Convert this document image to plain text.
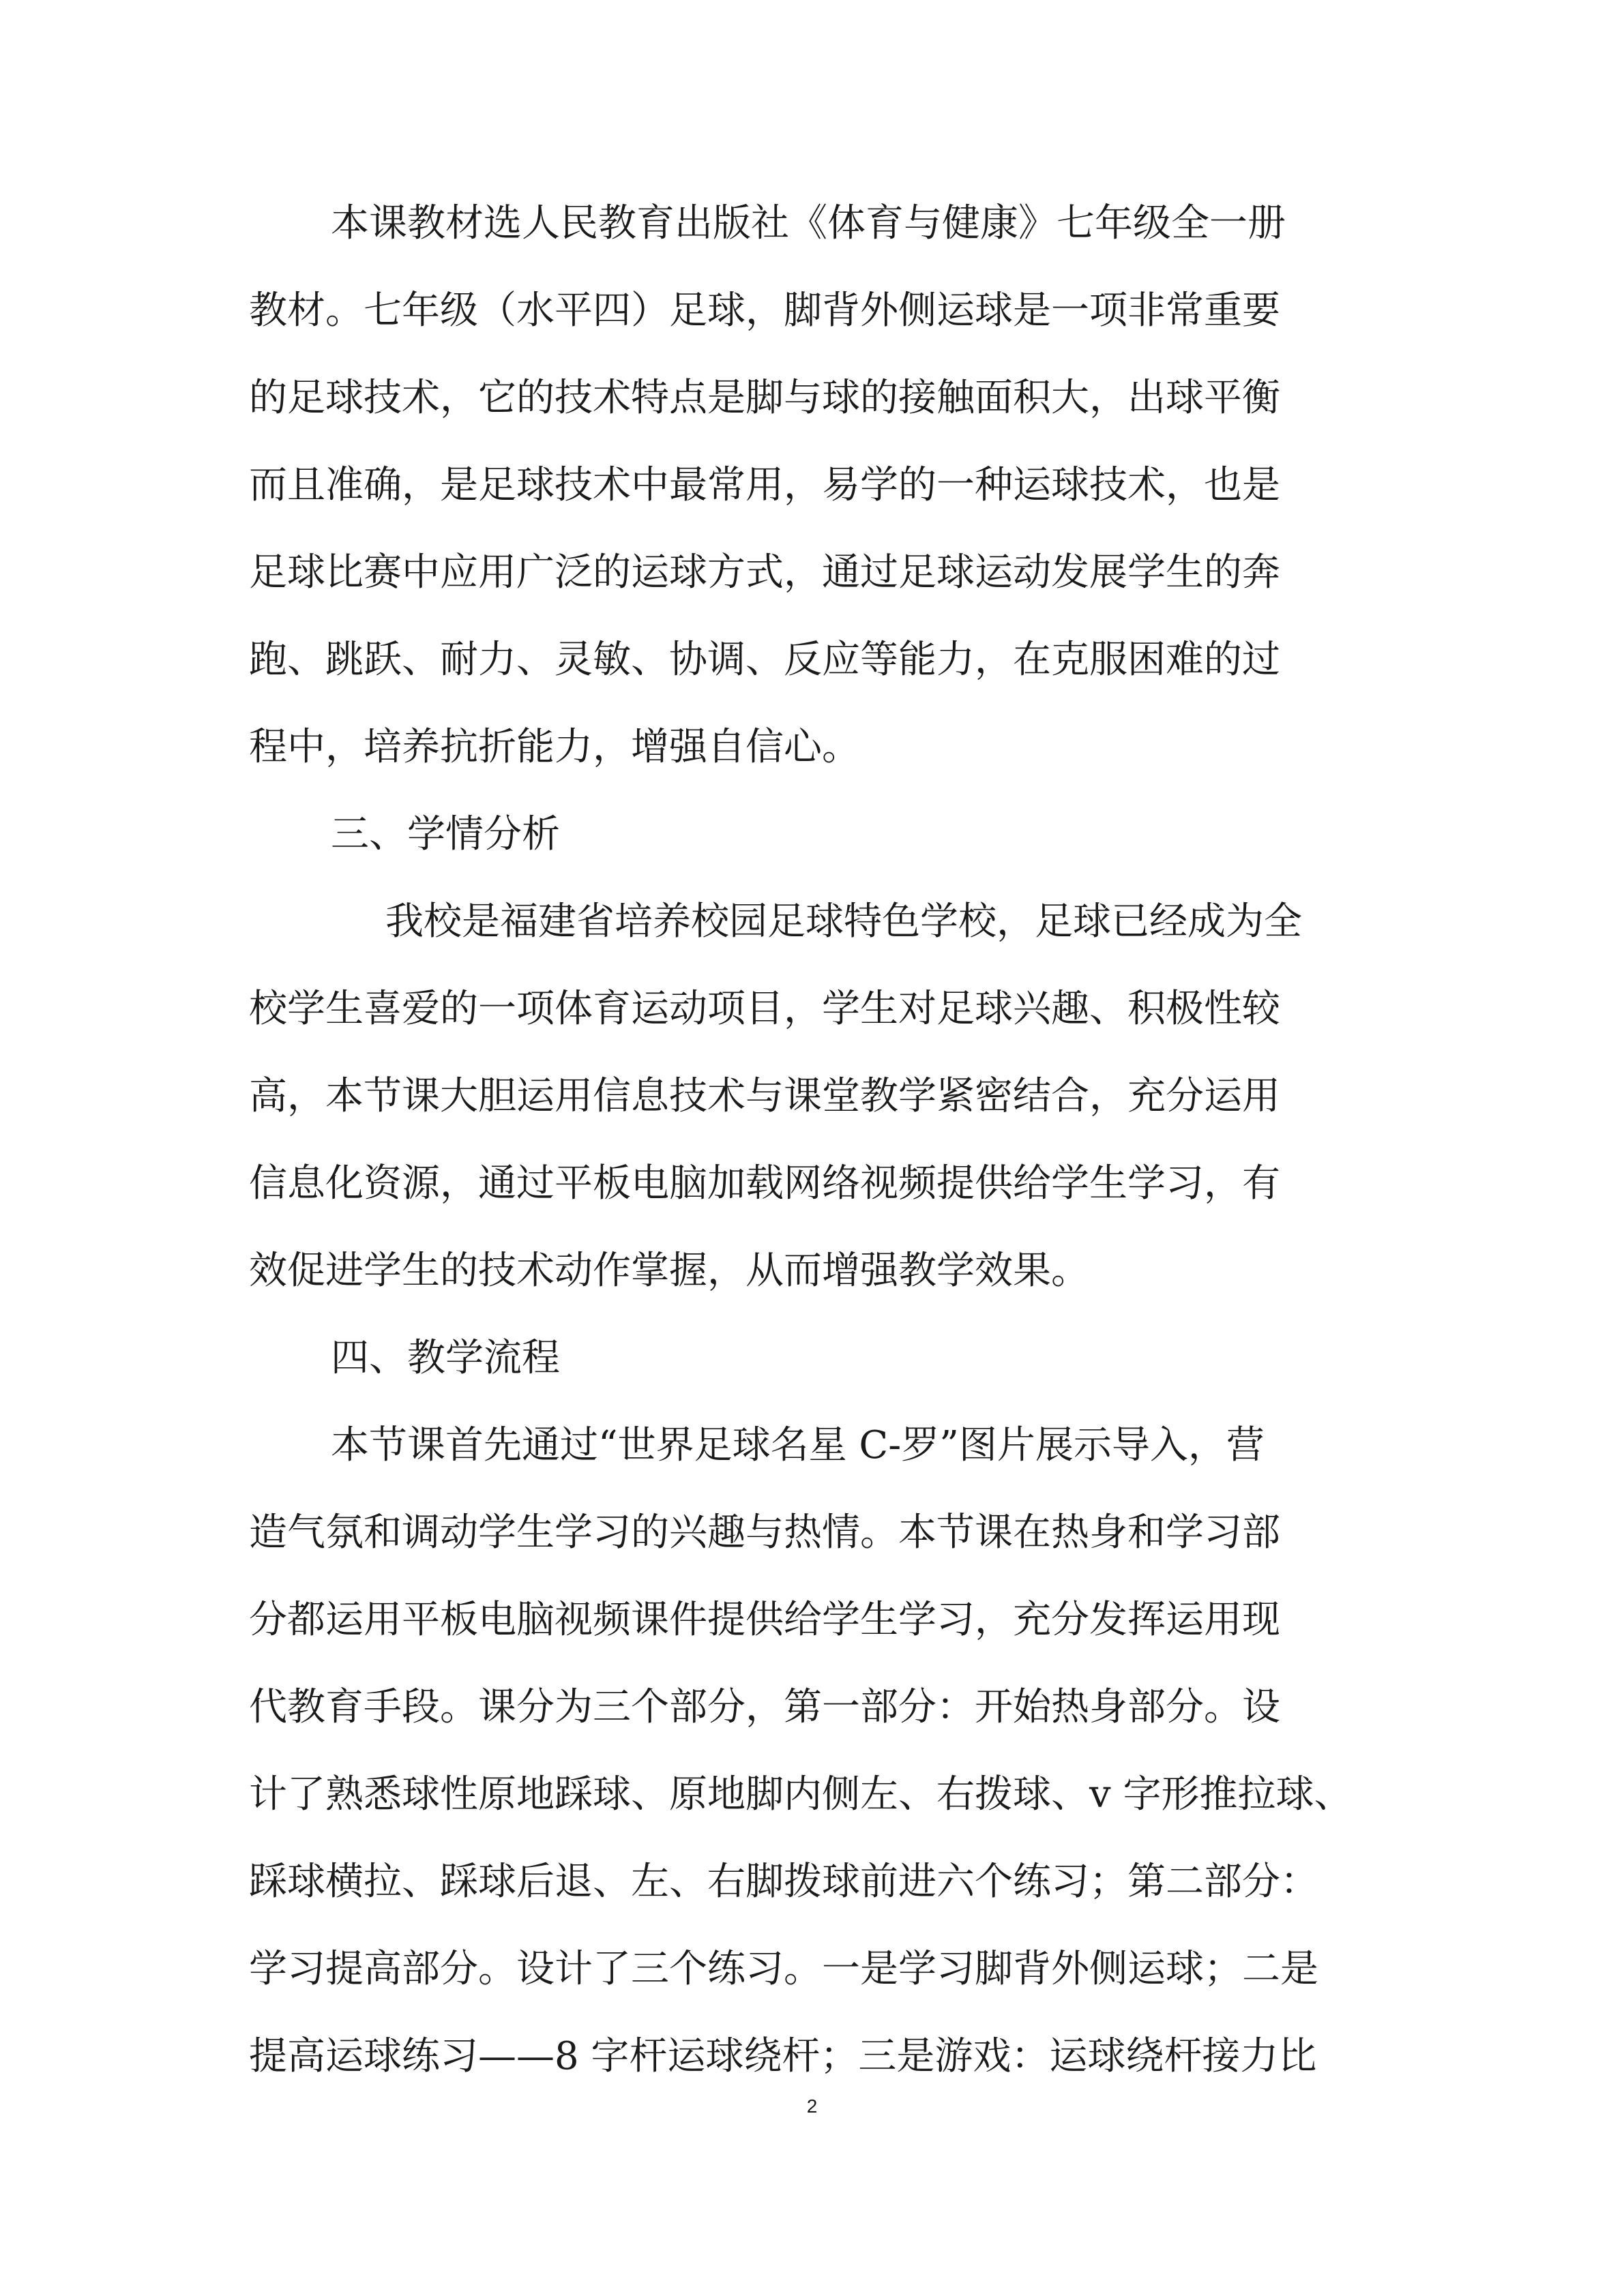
本课教材选人民教育出版社《体育与健康》七年级全一册
教材。七年级（水平四）足球，脚背外侧运球是一项非常重要
的足球技术，它的技术特点是脚与球的接触面积大，出球平衡
而且准确，是足球技术中最常用，易学的一种运球技术，也是
足球比赛中应用广泛的运球方式，通过足球运动发展学生的奔
跑、跳跃、耐力、灵敏、协调、反应等能力，在克服困难的过
程中，培养抗折能力，增强自信心。
三、学情分析
我校是福建省培养校园足球特色学校，足球已经成为全
校学生喜爱的一项体育运动项目，学生对足球兴趣、积极性较
高，本节课大胆运用信息技术与课堂教学紧密结合，充分运用
信息化资源，通过平板电脑加载网络视频提供给学生学习，有
效促进学生的技术动作掌握，从而增强教学效果。
四、教学流程
本节课首先通过“世界足球名星 C-罗”图片展示导入，营
造气氛和调动学生学习的兴趣与热情。本节课在热身和学习部
分都运用平板电脑视频课件提供给学生学习，充分发挥运用现
代教育手段。课分为三个部分，第一部分：开始热身部分。设
计了熟悉球性原地踩球、原地脚内侧左、右拨球、v 字形推拉球、
踩球横拉、踩球后退、左、右脚拨球前进六个练习；第二部分：
学习提高部分。设计了三个练习。一是学习脚背外侧运球；二是
提高运球练习——8 字杆运球绕杆；三是游戏：运球绕杆接力比
2
